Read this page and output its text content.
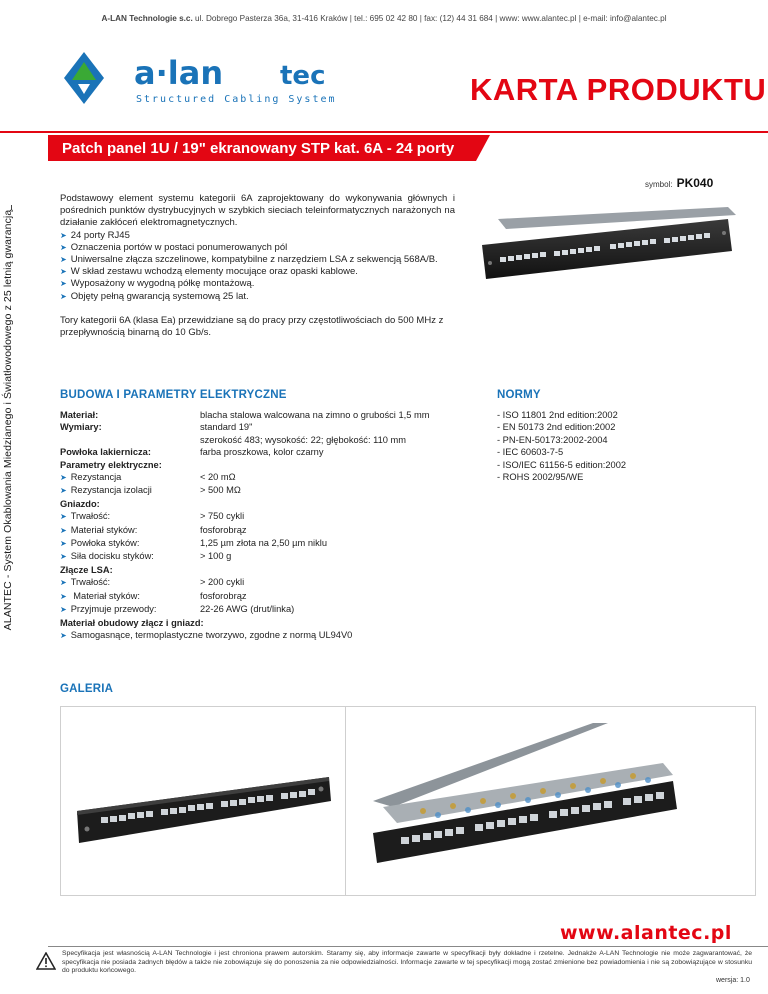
A-LAN Technologie s.c. ul. Dobrego Pasterza 36a, 31-416 Kraków | tel.: 695 02 42 80 | fax: (12) 44 31 684 | www: www.alantec.pl | e-mail: info@alantec.pl
ALANTEC - System Okablowania Miedzianego i Światłowodowego z 25 letnią gwarancją
a·lan tec
Structured Cabling System	KARTA PRODUKTU
Patch panel 1U / 19" ekranowany STP kat. 6A - 24 porty
symbol: PK040

Podstawowy element systemu kategorii 6A zaprojektowany do wykonywania głównych i pośrednich punktów dystrybucyjnych w szybkich sieciach teleinformatycznych narażonych na działanie zakłóceń elektromagnetycznych.

➤ 24 porty RJ45
➤ Oznaczenia portów w postaci ponumerowanych pól
➤ Uniwersalne złącza szczelinowe, kompatybilne z narzędziem LSA z sekwencją 568A/B.
➤ W skład zestawu wchodzą elementy mocujące oraz opaski kablowe.
➤ Wyposażony w wygodną półkę montażową.
➤ Objęty pełną gwarancją systemową 25 lat.
Tory kategorii 6A (klasa Ea) przewidziane są do pracy przy częstotliwościach do 500 MHz z przepływnością binarną do 10 Gb/s.
BUDOWA I PARAMETRY ELEKTRYCZNE
Materiał:	blacha stalowa walcowana na zimno o grubości 1,5 mm
Wymiary:	standard 19"
szerokość 483; wysokość: 22; głębokość: 110 mm
Powłoka lakiernicza:	farba proszkowa, kolor czarny
Parametry elektryczne:
➤ Rezystancja	< 20 mΩ
➤ Rezystancja izolacji	> 500 MΩ
Gniazdo:
➤ Trwałość:	> 750 cykli
➤ Materiał styków:	fosforobrąz
➤ Powłoka styków:	1,25 µm złota na 2,50 µm niklu
➤ Siła docisku styków:	> 100 g
Złącze LSA:
➤ Trwałość:	> 200 cykli
➤ Materiał styków:	fosforobrąz
➤ Przyjmuje przewody:	22-26 AWG (drut/linka)
Materiał obudowy złącz i gniazd:
➤ Samogasnące, termoplastyczne tworzywo, zgodne z normą UL94V0
NORMY
- ISO 11801 2nd edition:2002
- EN 50173 2nd edition:2002
- PN-EN-50173:2002-2004
- IEC 60603-7-5
- ISO/IEC 61156-5 edition:2002
- ROHS 2002/95/WE
GALERIA
www.alantec.pl
Specyfikacja jest własnością A-LAN Technologie i jest chroniona prawem autorskim. Staramy się, aby informacje zawarte w specyfikacji były dokładne i rzetelne. Jednakże A-LAN Technologie nie może zagwarantować, że specyfikacja nie posiada żadnych błędów a także nie zobowiązuje się do ponoszenia za nie odpowiedzialności. Informacje zawarte w tej specyfikacji mogą zostać zmienione bez powiadomienia i nie są zobowiązujące w stosunku do produktu końcowego.
wersja: 1.0
